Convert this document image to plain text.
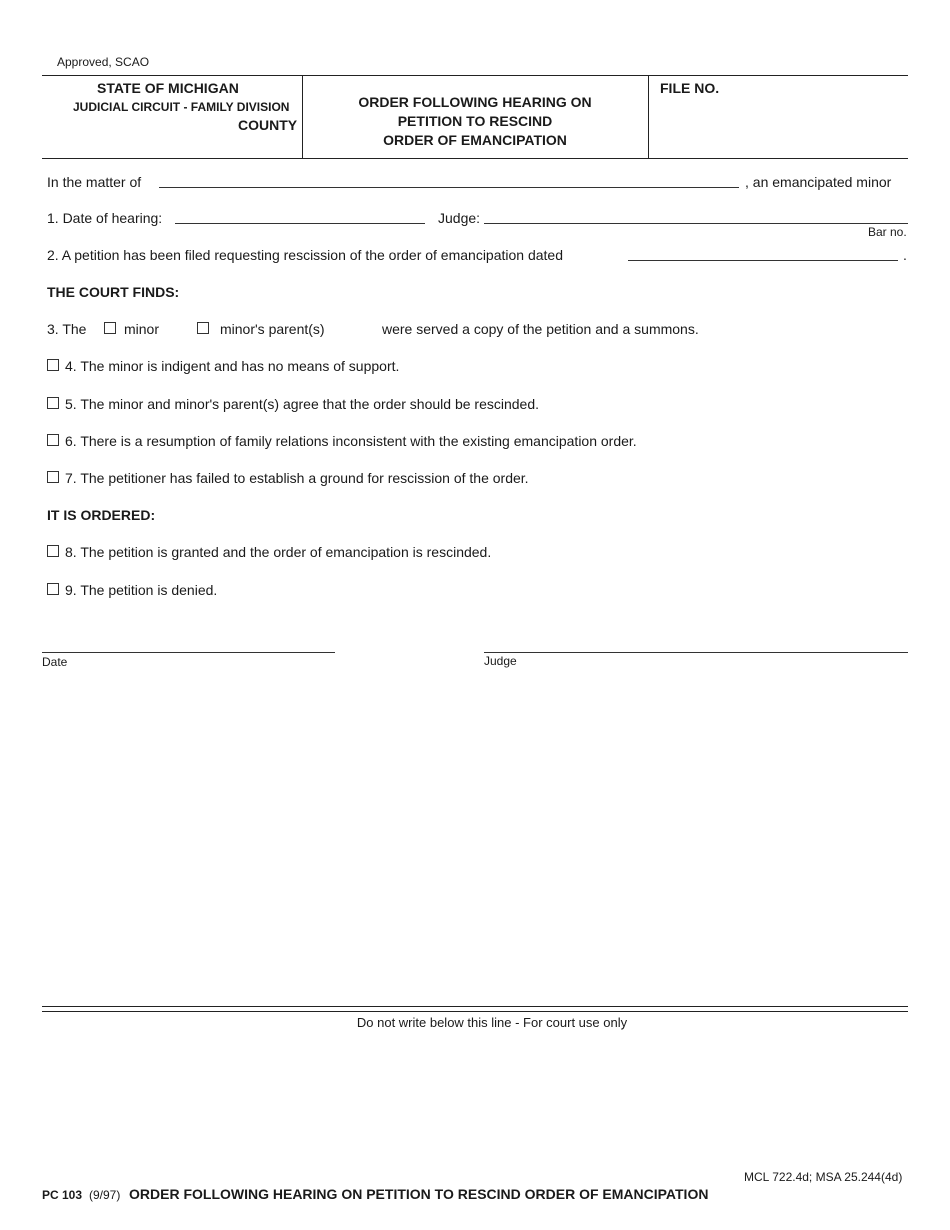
Approved, SCAO
STATE OF MICHIGAN
JUDICIAL CIRCUIT - FAMILY DIVISION
COUNTY
ORDER FOLLOWING HEARING ON
PETITION TO RESCIND
ORDER OF EMANCIPATION
FILE NO.
In the matter of	, an emancipated minor
1. Date of hearing:	Judge:
Bar no.
2. A petition has been filed requesting rescission of the order of emancipation dated	.
THE COURT FINDS:
3. The	minor	minor's parent(s)	were served a copy of the petition and a summons.
4. The minor is indigent and has no means of support.
5. The minor and minor's parent(s) agree that the order should be rescinded.
6. There is a resumption of family relations inconsistent with the existing emancipation order.
7. The petitioner has failed to establish a ground for rescission of the order.
IT IS ORDERED:
8. The petition is granted and the order of emancipation is rescinded.
9. The petition is denied.
Date	Judge
Do not write below this line - For court use only
MCL 722.4d; MSA 25.244(4d)
PC 103 (9/97) ORDER FOLLOWING HEARING ON PETITION TO RESCIND ORDER OF EMANCIPATION
